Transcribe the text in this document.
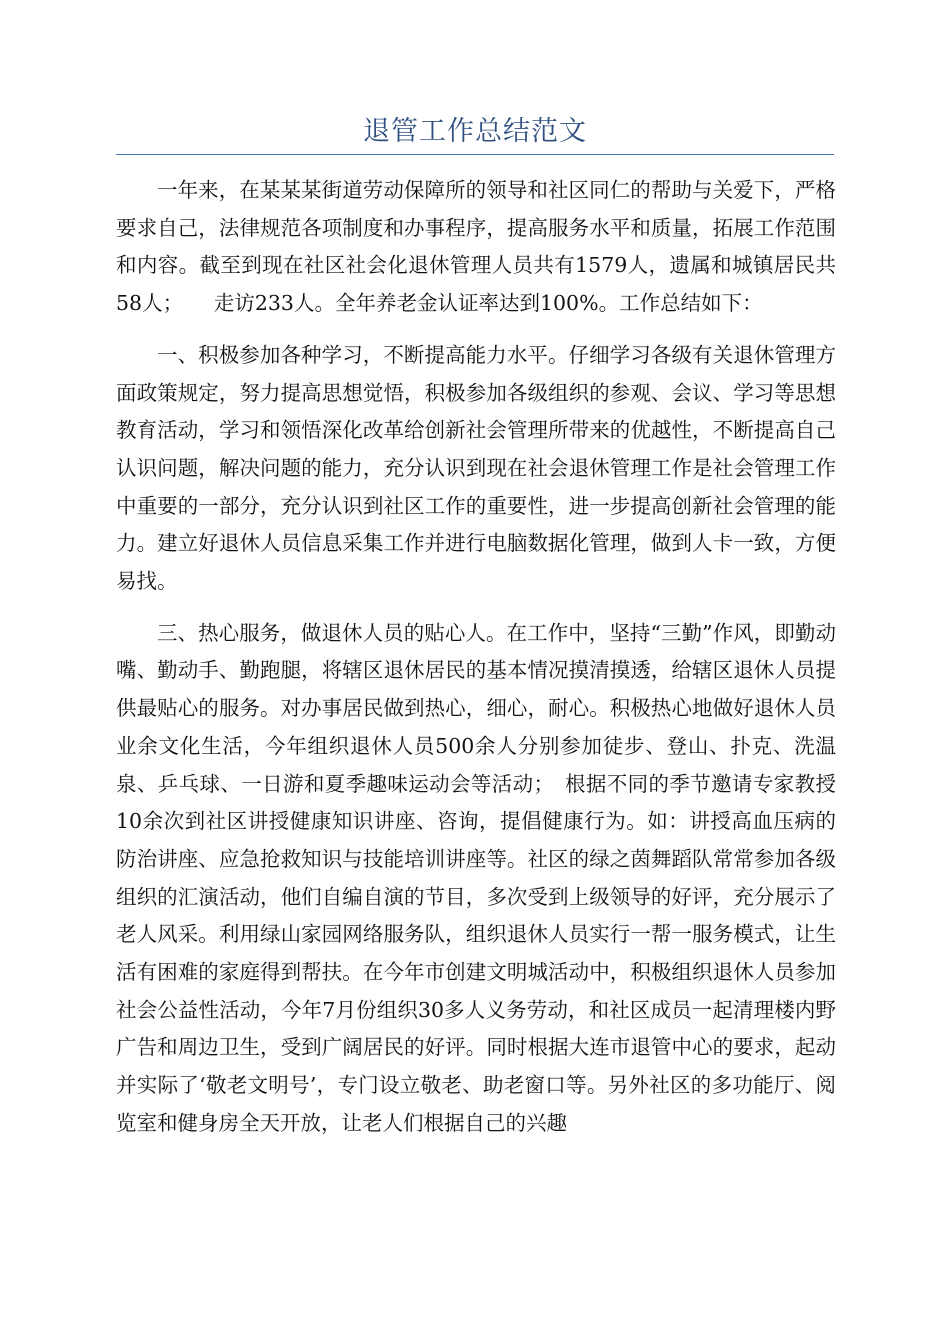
退管工作总结范文

一年来，在某某某街道劳动保障所的领导和社区同仁的帮助与关爱下，严格要求自己，法律规范各项制度和办事程序，提高服务水平和质量，拓展工作范围和内容。截至到现在社区社会化退休管理人员共有1579人，遗属和城镇居民共58人；　　走访233人。全年养老金认证率达到100%。工作总结如下：

一、积极参加各种学习，不断提高能力水平。仔细学习各级有关退休管理方面政策规定，努力提高思想觉悟，积极参加各级组织的参观、会议、学习等思想教育活动，学习和领悟深化改革给创新社会管理所带来的优越性，不断提高自己认识问题，解决问题的能力，充分认识到现在社会退休管理工作是社会管理工作中重要的一部分，充分认识到社区工作的重要性，进一步提高创新社会管理的能力。建立好退休人员信息采集工作并进行电脑数据化管理，做到人卡一致，方便易找。

三、热心服务，做退休人员的贴心人。在工作中，坚持“三勤”作风，即勤动嘴、勤动手、勤跑腿，将辖区退休居民的基本情况摸清摸透，给辖区退休人员提供最贴心的服务。对办事居民做到热心，细心，耐心。积极热心地做好退休人员业余文化生活，今年组织退休人员500余人分别参加徒步、登山、扑克、洗温泉、乒乓球、一日游和夏季趣味运动会等活动；　根据不同的季节邀请专家教授10余次到社区讲授健康知识讲座、咨询，提倡健康行为。如：讲授高血压病的防治讲座、应急抢救知识与技能培训讲座等。社区的绿之茵舞蹈队常常参加各级组织的汇演活动，他们自编自演的节目，多次受到上级领导的好评，充分展示了老人风采。利用绿山家园网络服务队，组织退休人员实行一帮一服务模式，让生活有困难的家庭得到帮扶。在今年市创建文明城活动中，积极组织退休人员参加社会公益性活动，今年7月份组织30多人义务劳动，和社区成员一起清理楼内野广告和周边卫生，受到广阔居民的好评。同时根据大连市退管中心的要求，起动并实际了‘敬老文明号’，专门设立敬老、助老窗口等。另外社区的多功能厅、阅览室和健身房全天开放，让老人们根据自己的兴趣
